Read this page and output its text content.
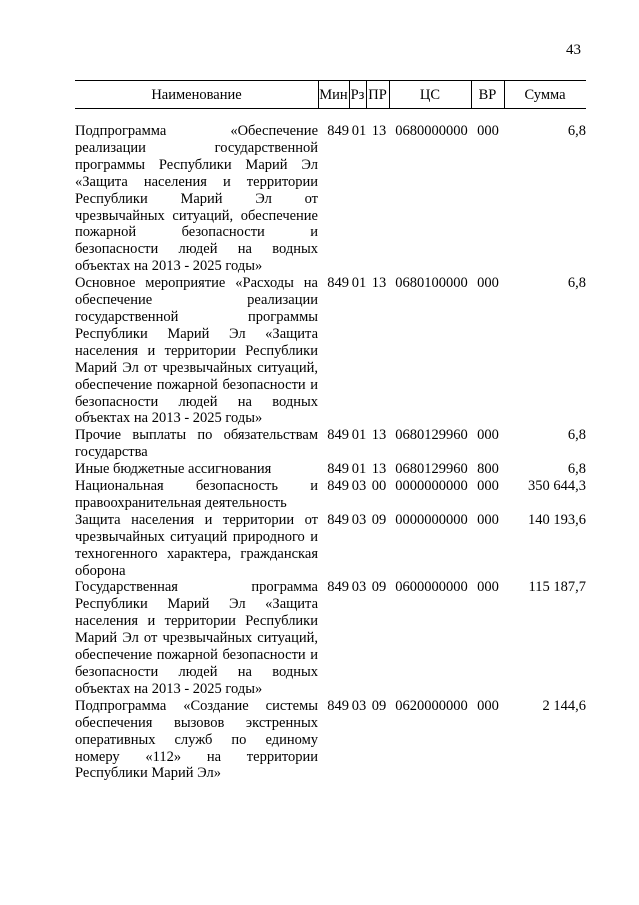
43
Наименование	Мин Рз ПР	ЦС	ВР	Сумма
Подпрограмма «Обеспечение реализации государственной программы Республики Марий Эл «Защита населения и территории Республики Марий Эл от чрезвычайных ситуаций, обеспечение пожарной безопасности и безопасности людей на водных объектах на 2013 - 2025 годы»	849	01	13	0680000000	000	6,8
Основное мероприятие «Расходы на обеспечение реализации государственной программы Республики Марий Эл «Защита населения и территории Республики Марий Эл от чрезвычайных ситуаций, обеспечение пожарной безопасности и безопасности людей на водных объектах на 2013 - 2025 годы»	849	01	13	0680100000	000	6,8
Прочие выплаты по обязательствам государства	849	01	13	0680129960	000	6,8
Иные бюджетные ассигнования	849	01	13	0680129960	800	6,8
Национальная безопасность и правоохранительная деятельность	849	03	00	0000000000	000	350 644,3
Защита населения и территории от чрезвычайных ситуаций природного и техногенного характера, гражданская оборона	849	03	09	0000000000	000	140 193,6
Государственная программа Республики Марий Эл «Защита населения и территории Республики Марий Эл от чрезвычайных ситуаций, обеспечение пожарной безопасности и безопасности людей на водных объектах на 2013 - 2025 годы»	849	03	09	0600000000	000	115 187,7
Подпрограмма «Создание системы обеспечения вызовов экстренных оперативных служб по единому номеру «112» на территории Республики Марий Эл»	849	03	09	0620000000	000	2 144,6
